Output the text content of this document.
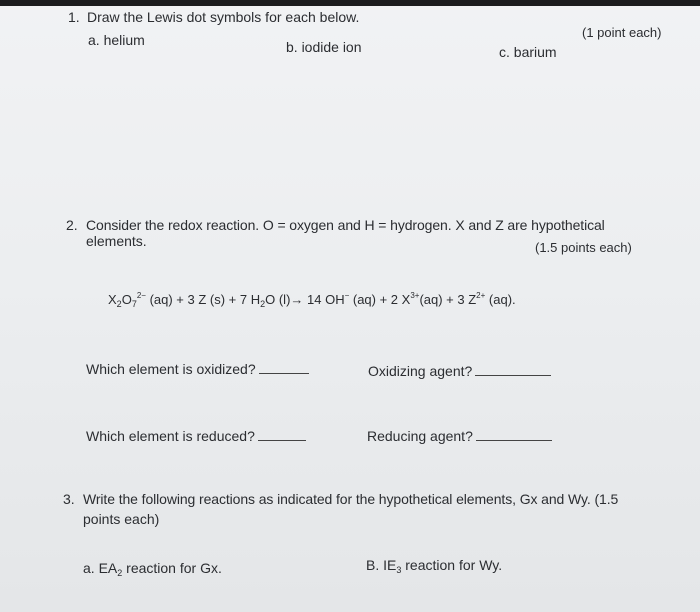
1. Draw the Lewis dot symbols for each below.
(1 point each)
a. helium	b. iodide ion	c. barium
2. Consider the redox reaction. O = oxygen and H = hydrogen. X and Z are hypothetical
elements.	(1.5 points each)
$X_2O_7^{2-}$ (aq) + 3 Z (s) + 7 $H_2O$ (l)→ 14 OH− (aq) + 2 $X^{3+}(aq) + 3$ $Z^{2+}$ (aq).
Which element is oxidized?	Oxidizing agent?
Which element is reduced?	Reducing agent?
3. Write the following reactions as indicated for the hypothetical elements, Gx and Wy. (1.5
points each)
a. $EA_2$ reaction for Gx.	B. $IE_3$ reaction for Wy.
